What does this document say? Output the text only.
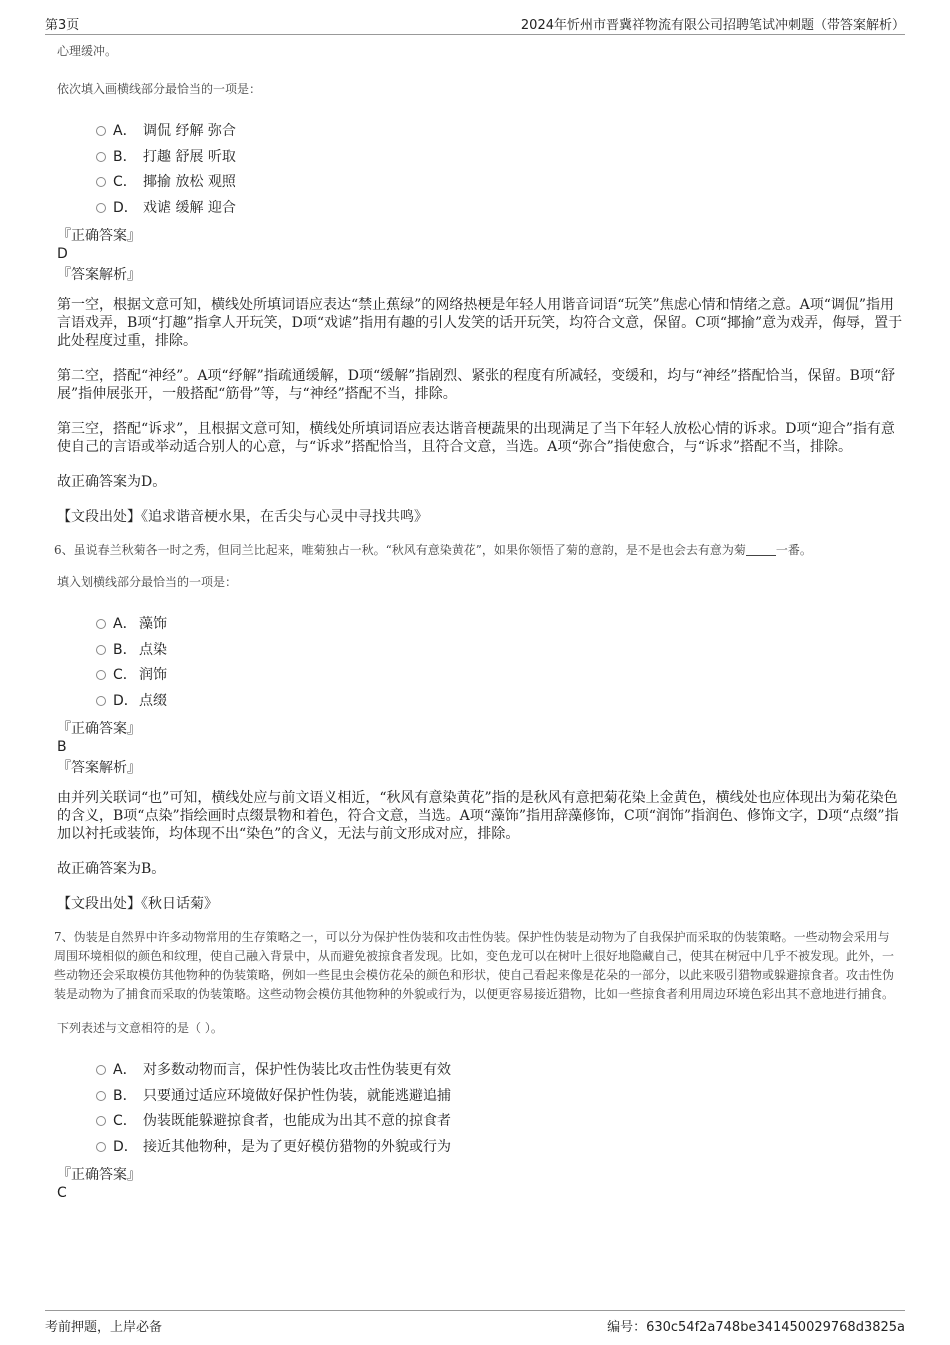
第3页	2024年忻州市晋冀祥物流有限公司招聘笔试冲刺题（带答案解析）
心理缓冲。
依次填入画横线部分最恰当的一项是：
A． 调侃 纾解 弥合
B． 打趣 舒展 听取
C． 揶揄 放松 观照
D． 戏谑 缓解 迎合
『正确答案』
D
『答案解析』

第一空，根据文意可知，横线处所填词语应表达“禁止蕉绿”的网络热梗是年轻人用谐音词语“玩笑”焦虑心情和情绪之意。A项“调侃”指用言语戏弄，B项“打趣”指拿人开玩笑，D项“戏谑”指用有趣的引人发笑的话开玩笑，均符合文意，保留。C项“揶揄”意为戏弄，侮辱，置于此处程度过重，排除。

第二空，搭配“神经”。A项“纾解”指疏通缓解，D项“缓解”指剧烈、紧张的程度有所减轻，变缓和，均与“神经”搭配恰当，保留。B项“舒展”指伸展张开，一般搭配“筋骨”等，与“神经”搭配不当，排除。

第三空，搭配“诉求”，且根据文意可知，横线处所填词语应表达谐音梗蔬果的出现满足了当下年轻人放松心情的诉求。D项“迎合”指有意使自己的言语或举动适合别人的心意，与“诉求”搭配恰当，且符合文意，当选。A项“弥合”指使愈合，与“诉求”搭配不当，排除。

故正确答案为D。

【文段出处】《追求谐音梗水果，在舌尖与心灵中寻找共鸣》
6、虽说春兰秋菊各一时之秀，但同兰比起来，唯菊独占一秋。“秋风有意染黄花”，如果你领悟了菊的意韵，是不是也会去有意为菊	一番。
填入划横线部分最恰当的一项是：
A． 藻饰
B． 点染
C． 润饰
D．点缀
『正确答案』
B
『答案解析』

由并列关联词“也”可知，横线处应与前文语义相近，“秋风有意染黄花”指的是秋风有意把菊花染上金黄色，横线处也应体现出为菊花染色的含义，B项“点染”指绘画时点缀景物和着色，符合文意，当选。A项“藻饰”指用辞藻修饰，C项“润饰”指润色、修饰文字，D项“点缀”指加以衬托或装饰，均体现不出“染色”的含义，无法与前文形成对应，排除。

故正确答案为B。

【文段出处】《秋日话菊》
7、伪装是自然界中许多动物常用的生存策略之一，可以分为保护性伪装和攻击性伪装。保护性伪装是动物为了自我保护而采取的伪装策略。一些动物会采用与周围环境相似的颜色和纹理，使自己融入背景中，从而避免被掠食者发现。比如，变色龙可以在树叶上很好地隐藏自己，使其在树冠中几乎不被发现。此外，一些动物还会采取模仿其他物种的伪装策略，例如一些昆虫会模仿花朵的颜色和形状，使自己看起来像是花朵的一部分，以此来吸引猎物或躲避掠食者。攻击性伪装是动物为了捕食而采取的伪装策略。这些动物会模仿其他物种的外貌或行为，以便更容易接近猎物，比如一些掠食者利用周边环境色彩出其不意地进行捕食。
下列表述与文意相符的是（ ）。
A． 对多数动物而言，保护性伪装比攻击性伪装更有效
B． 只要通过适应环境做好保护性伪装，就能逃避追捕
C． 伪装既能躲避掠食者，也能成为出其不意的掠食者
D． 接近其他物种，是为了更好模仿猎物的外貌或行为
『正确答案』
C
考前押题，上岸必备	编号：630c54f2a748be341450029768d3825a
